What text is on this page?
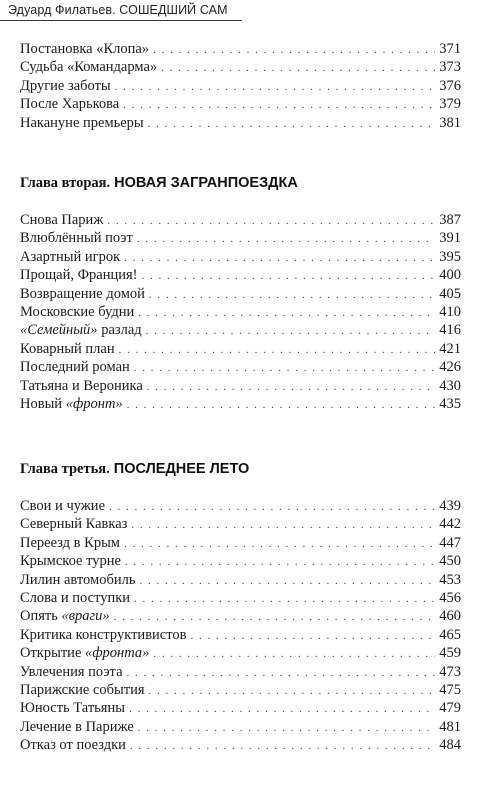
Эдуард Филатьев. СОШЕДШИЙ САМ
Постановка «Клопа» . . .	371
Судьба «Командарма» . . .	373
Другие заботы . . .	376
После Харькова . . .	379
Накануне премьеры . . .	381
Глава вторая. НОВАЯ ЗАГРАНПОЕЗДКА
Снова Париж . . .	387
Влюблённый поэт . . .	391
Азартный игрок . . .	395
Прощай, Франция! . . .	400
Возвращение домой . . .	405
Московские будни . . .	410
«Семейный» разлад . . .	416
Коварный план . . .	421
Последний роман . . .	426
Татьяна и Вероника . . .	430
Новый «фронт» . . .	435
Глава третья. ПОСЛЕДНЕЕ ЛЕТО
Свои и чужие . . .	439
Северный Кавказ . . .	442
Переезд в Крым . . .	447
Крымское турне . . .	450
Лилин автомобиль . . .	453
Слова и поступки . . .	456
Опять «враги» . . .	460
Критика конструктивистов . . .	465
Открытие «фронта» . . .	459
Увлечения поэта . . .	473
Парижские события . . .	475
Юность Татьяны . . .	479
Лечение в Париже . . .	481
Отказ от поездки . . .	484
